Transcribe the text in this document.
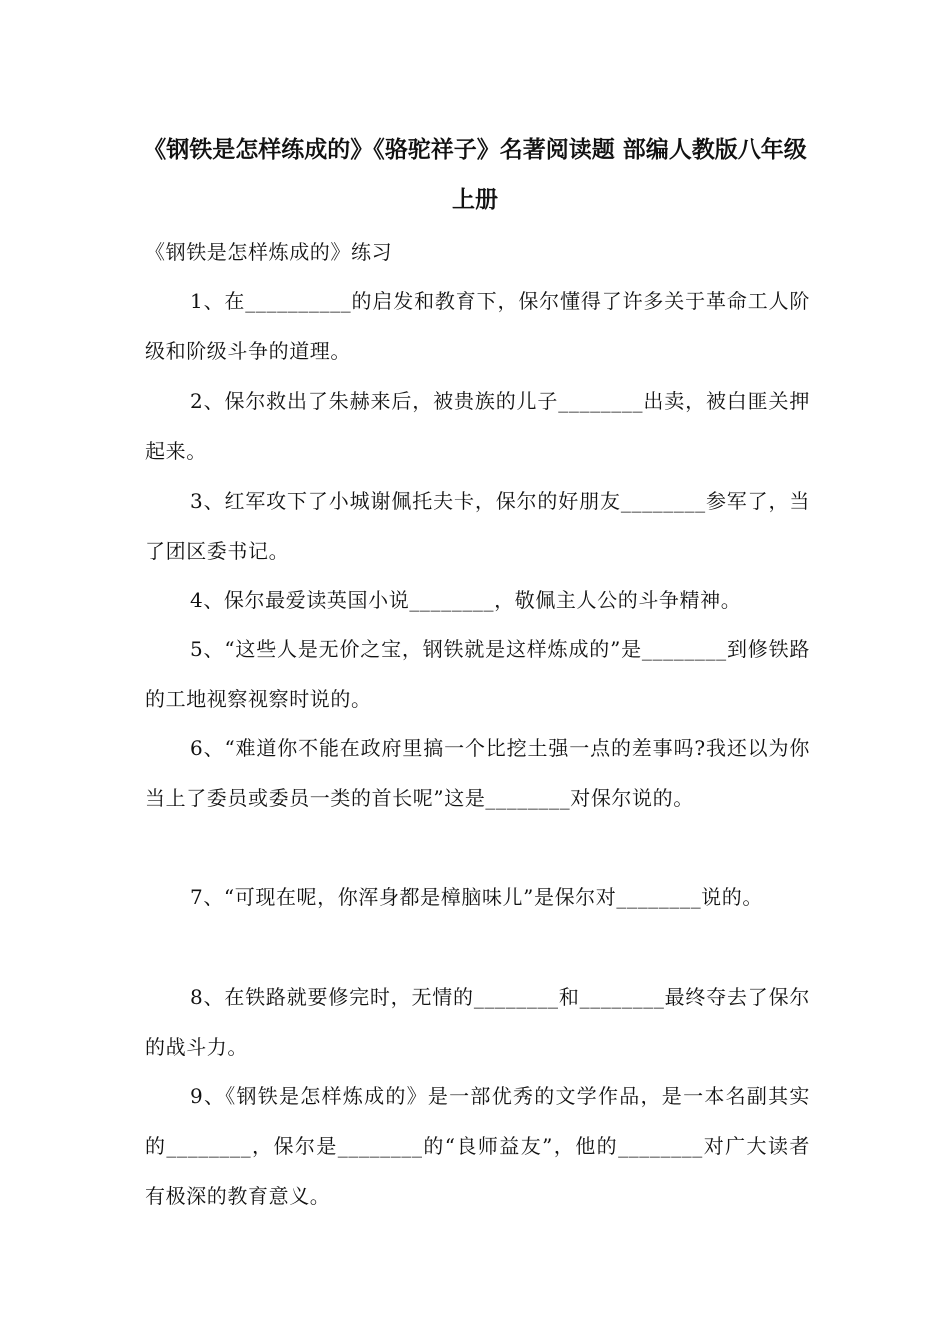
《钢铁是怎样练成的》《骆驼祥子》名著阅读题 部编人教版八年级
上册
《钢铁是怎样炼成的》练习

1、在__________的启发和教育下，保尔懂得了许多关于革命工人阶级和阶级斗争的道理。

2、保尔救出了朱赫来后，被贵族的儿子________出卖，被白匪关押起来。

3、红军攻下了小城谢佩托夫卡，保尔的好朋友________参军了，当了团区委书记。

4、保尔最爱读英国小说________，敬佩主人公的斗争精神。

5、“这些人是无价之宝，钢铁就是这样炼成的”是________到修铁路的工地视察视察时说的。

6、“难道你不能在政府里搞一个比挖土强一点的差事吗?我还以为你当上了委员或委员一类的首长呢”这是________对保尔说的。

7、“可现在呢，你浑身都是樟脑味儿”是保尔对________说的。

8、在铁路就要修完时，无情的________和________最终夺去了保尔的战斗力。

9、《钢铁是怎样炼成的》是一部优秀的文学作品，是一本名副其实的________，保尔是________的“良师益友”，他的________对广大读者有极深的教育意义。
